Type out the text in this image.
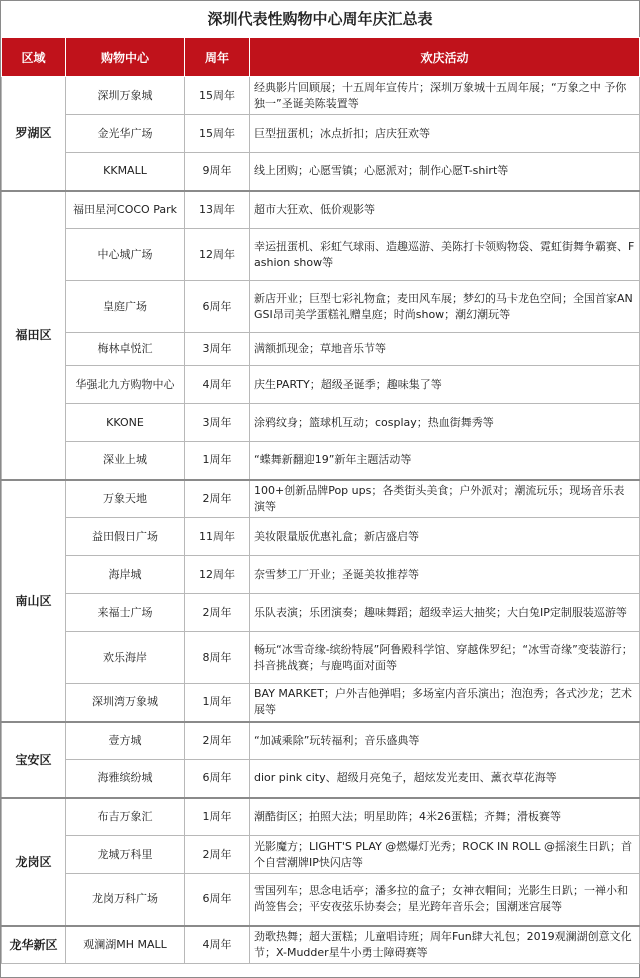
深圳代表性购物中心周年庆汇总表
区域	购物中心	周年	欢庆活动
罗湖区	深圳万象城	15周年	经典影片回顾展；十五周年宣传片；深圳万象城十五周年展；“万象之中 予你独一”圣诞美陈装置等
	金光华广场	15周年	巨型扭蛋机；冰点折扣；店庆狂欢等
	KKMALL	9周年	线上团购；心愿雪镇；心愿派对；制作心愿T-shirt等
福田区	福田星河COCO Park	13周年	超市大狂欢、低价观影等
	中心城广场	12周年	幸运扭蛋机、彩虹气球雨、造趣巡游、美陈打卡领购物袋、霓虹街舞争霸赛、Fashion show等
	皇庭广场	6周年	新店开业；巨型七彩礼物盒；麦田风车展；梦幻的马卡龙色空间；全国首家ANGSI昂司美学蛋糕礼赠皇庭；时尚show；潮幻潮玩等
	梅林卓悦汇	3周年	满额抓现金；草地音乐节等
	华强北九方购物中心	4周年	庆生PARTY；超级圣诞季；趣味集了等
	KKONE	3周年	涂鸦纹身；篮球机互动；cosplay；热血街舞秀等
	深业上城	1周年	“蝶舞新翻迎19”新年主题活动等
南山区	万象天地	2周年	100+创新品牌Pop ups；各类街头美食；户外派对；潮流玩乐；现场音乐表演等
	益田假日广场	11周年	美妆限量版优惠礼盒；新店盛启等
	海岸城	12周年	奈雪梦工厂开业；圣诞美妆推荐等
	来福士广场	2周年	乐队表演；乐团演奏；趣味舞蹈；超级幸运大抽奖；大白兔IP定制服装巡游等
	欢乐海岸	8周年	畅玩“冰雪奇缘-缤纷特展”阿鲁殿科学馆、穿越侏罗纪；“冰雪奇缘”变装游行；抖音挑战赛；与鹿鸣面对面等
	深圳湾万象城	1周年	BAY MARKET；户外吉他弹唱；多场室内音乐演出；泡泡秀；各式沙龙；艺术展等
宝安区	壹方城	2周年	“加减乘除”玩转福利；音乐盛典等
	海雅缤纷城	6周年	dior pink city、超级月亮兔子，超炫发光麦田、薰衣草花海等
龙岗区	布吉万象汇	1周年	潮酷街区；拍照大法；明星助阵；4米26蛋糕；齐舞；滑板赛等
	龙城万科里	2周年	光影魔方；LIGHT'S PLAY @燃爆灯光秀；ROCK IN ROLL @摇滚生日趴；首个自营潮牌IP快闪店等
	龙岗万科广场	6周年	雪国列车；思念电话亭；潘多拉的盒子；女神衣帽间；光影生日趴；一禅小和尚签售会；平安夜弦乐协奏会；星光跨年音乐会；国潮迷宫展等
龙华新区	观澜湖MH MALL	4周年	劲歌热舞；超大蛋糕；儿童唱诗班；周年Fun肆大礼包；2019观澜湖创意文化节；X-Mudder星牛小勇士障碍赛等
